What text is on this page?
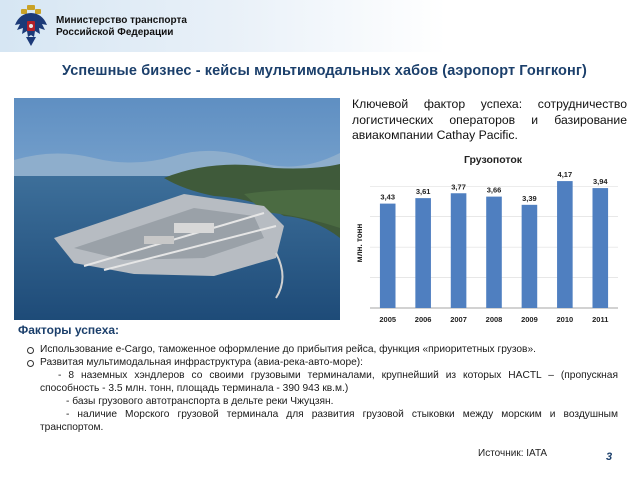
Министерство транспорта
Российской Федерации
Успешные бизнес - кейсы мультимодальных хабов (аэропорт Гонгконг)
Ключевой фактор успеха: сотрудничество логистических операторов и базирование авиакомпании Cathay Pacific.
Грузопоток
млн. тонн
3,43
3,61
3,77	3,66
3,39
4,17
3,94
2005 2006 2007 2008 2009 2010	2011
Факторы успеха:
Использование e-Cargo, таможенное оформление до прибытия рейса, функция «приоритетных грузов».
Развитая мультимодальная инфраструктура (авиа-река-авто-море):
- 8 наземных хэндлеров со своими грузовыми терминалами, крупнейший из которых HACTL – (пропускная способность - 3.5 млн. тонн, площадь терминала - 390 943 кв.м.)
- базы грузового автотранспорта в дельте реки Чжуцзян.
- наличие Морского грузовой терминала для развития грузовой стыковки между морским и воздушным транспортом.
Источник: IATA	3
